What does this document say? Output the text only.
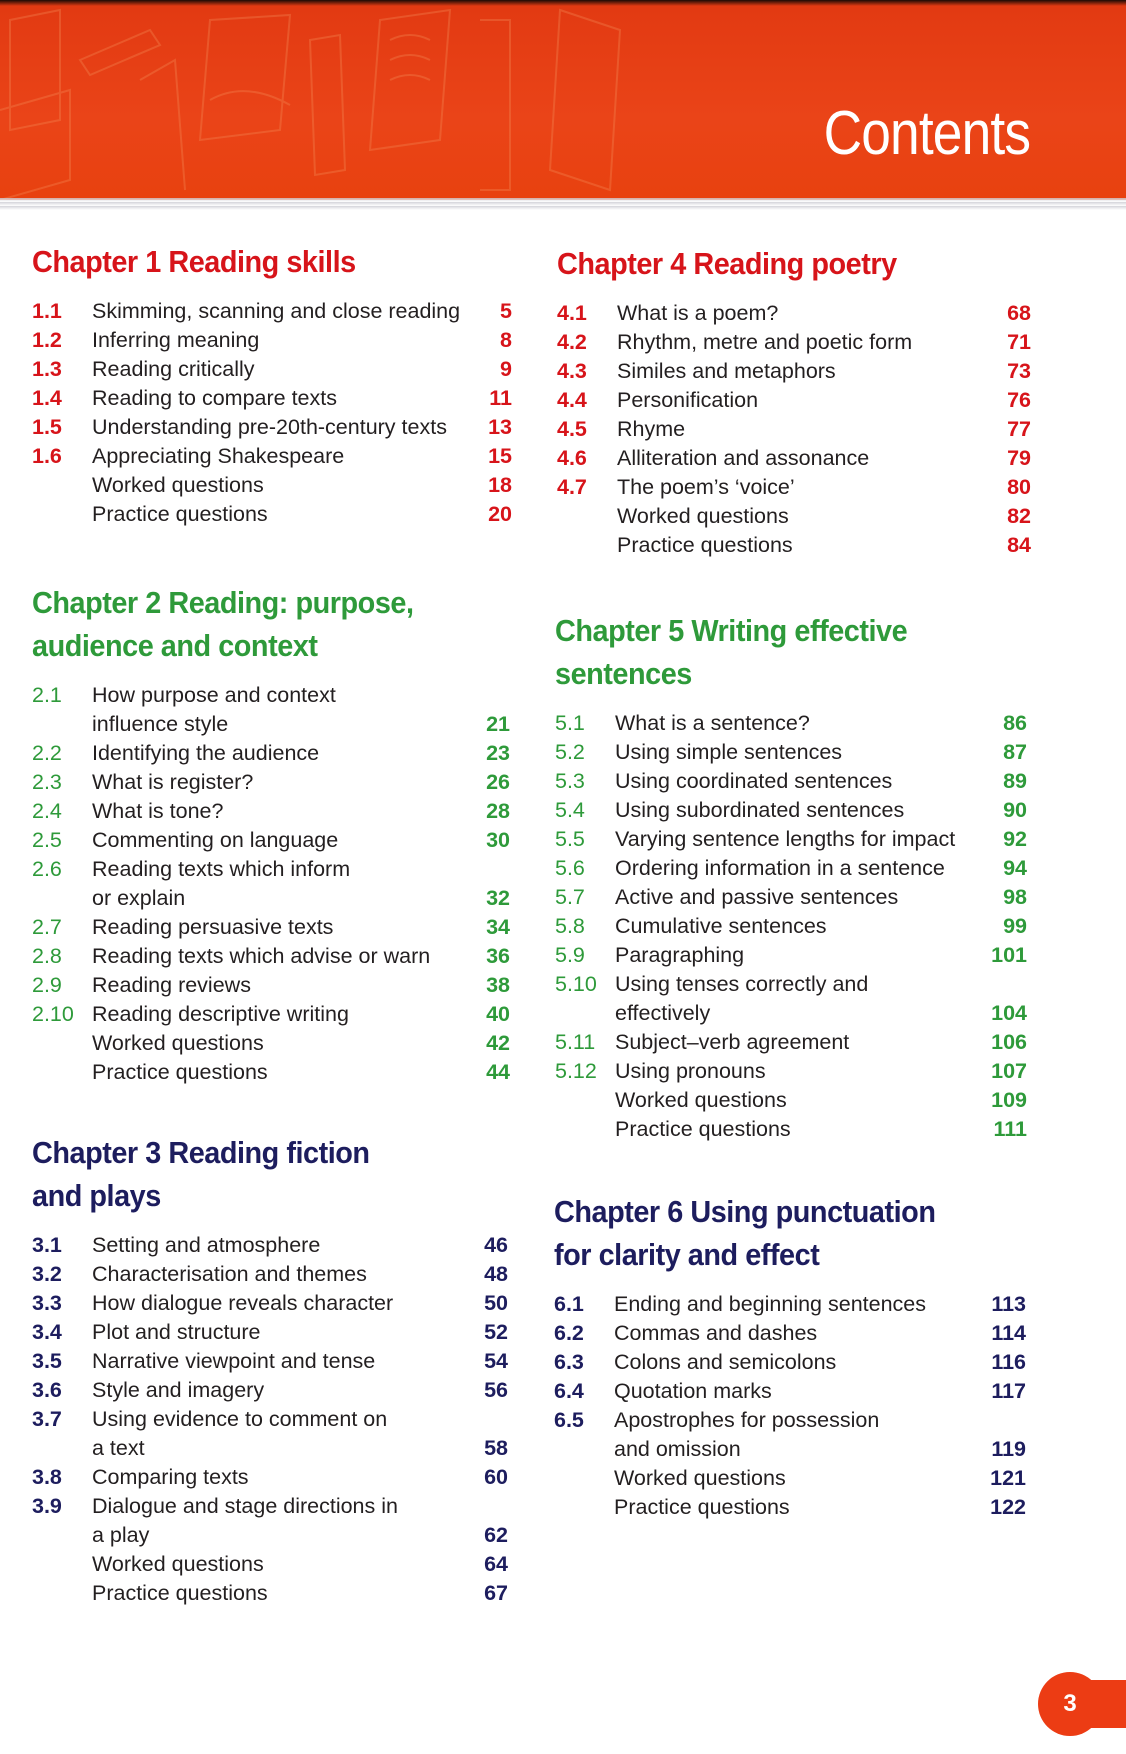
Contents
Chapter 1 Reading skills
1.1 Skimming, scanning and close reading 5
1.2 Inferring meaning	8
1.3 Reading critically	9
1.4 Reading to compare texts	11
1.5 Understanding pre-20th-century texts 13
1.6 Appreciating Shakespeare	15
Worked questions	18
Practice questions	20
Chapter 2 Reading: purpose,
audience and context
2.1 How purpose and context
influence style	21
2.2 Identifying the audience	23
2.3 What is register?	26
2.4 What is tone?	28
2.5 Commenting on language	30
2.6 Reading texts which inform
or explain	32
2.7 Reading persuasive texts	34
2.8 Reading texts which advise or warn	36
2.9 Reading reviews	38
2.10 Reading descriptive writing	40
Worked questions	42
Practice questions	44
Chapter 3 Reading fiction
and plays
3.1 Setting and atmosphere	46
3.2 Characterisation and themes	48
3.3 How dialogue reveals character	50
3.4 Plot and structure	52
3.5 Narrative viewpoint and tense	54
3.6 Style and imagery	56
3.7 Using evidence to comment on
a text	58
3.8 Comparing texts	60
3.9 Dialogue and stage directions in
a play	62
Worked questions	64
Practice questions	67
Chapter 4 Reading poetry
4.1 What is a poem?	68
4.2 Rhythm, metre and poetic form	71
4.3 Similes and metaphors	73
4.4 Personification	76
4.5 Rhyme	77
4.6 Alliteration and assonance	79
4.7 The poem’s ‘voice’	80
Worked questions	82
Practice questions	84
Chapter 5 Writing effective
sentences
5.1 What is a sentence?	86
5.2 Using simple sentences	87
5.3 Using coordinated sentences	89
5.4 Using subordinated sentences	90
5.5 Varying sentence lengths for impact 92
5.6 Ordering information in a sentence	94
5.7 Active and passive sentences	98
5.8 Cumulative sentences	99
5.9 Paragraphing	101
5.10 Using tenses correctly and
effectively	104
5.11 Subject–verb agreement	106
5.12 Using pronouns	107
Worked questions	109
Practice questions	111
Chapter 6 Using punctuation
for clarity and effect
6.1 Ending and beginning sentences	113
6.2 Commas and dashes	114
6.3 Colons and semicolons	116
6.4 Quotation marks	117
6.5 Apostrophes for possession
and omission	119
Worked questions	121
Practice questions	122
3
